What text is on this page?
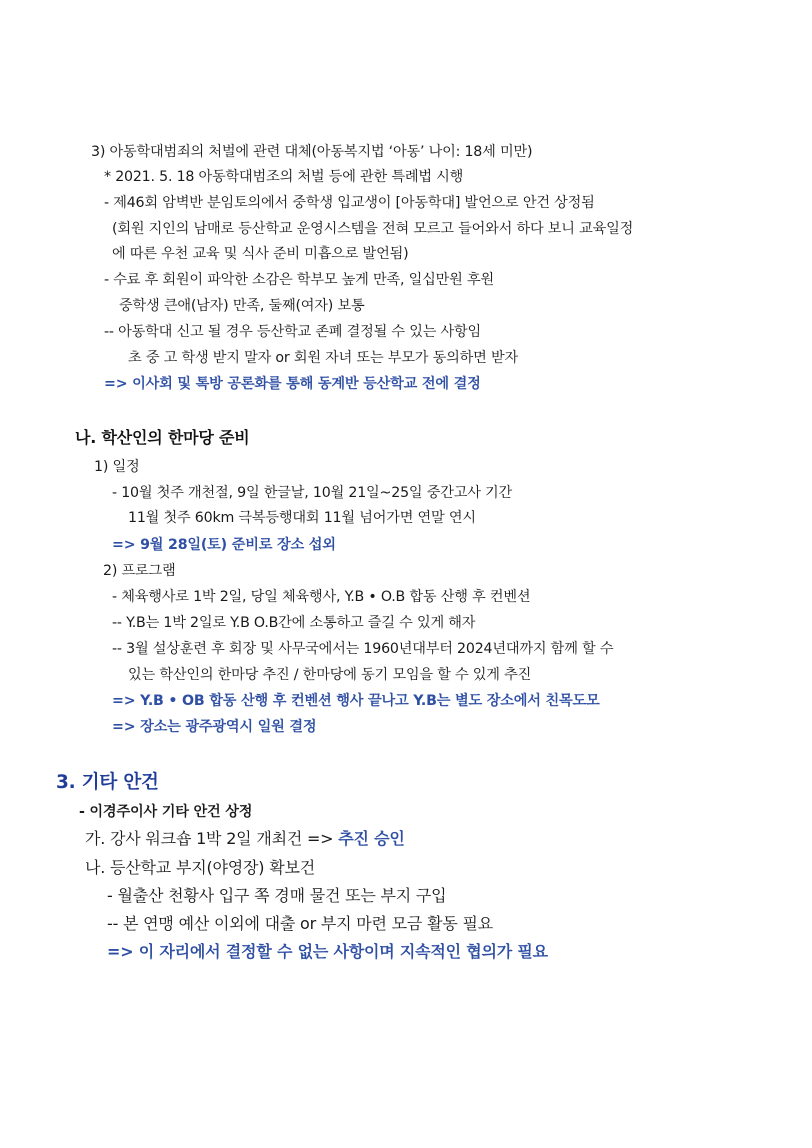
3) 아동학대범죄의 처벌에 관련 대체(아동복지법 ‘아동’ 나이: 18세 미만)
* 2021. 5. 18 아동학대범조의 처벌 등에 관한 특례법 시행
- 제46회 암벽반 분임토의에서 중학생 입교생이 [아동학대] 발언으로 안건 상정됨
(회원 지인의 남매로 등산학교 운영시스템을 전혀 모르고 들어와서 하다 보니 교육일정
에 따른 우천 교육 및 식사 준비 미흡으로 발언됨)
- 수료 후 회원이 파악한 소감은 학부모 높게 만족, 일십만원 후원
중학생 큰애(남자) 만족, 둘째(여자) 보통
-- 아동학대 신고 될 경우 등산학교 존폐 결정될 수 있는 사항임
초 중 고 학생 받지 말자 or 회원 자녀 또는 부모가 동의하면 받자
=> 이사회 및 톡방 공론화를 통해 동계반 등산학교 전에 결정
나. 학산인의 한마당 준비
1) 일정
- 10월 첫주 개천절, 9일 한글날, 10월 21일~25일 중간고사 기간
11월 첫주 60km 극복등행대회 11월 넘어가면 연말 연시
=> 9월 28일(토) 준비로 장소 섭외
2) 프로그램
- 체육행사로 1박 2일, 당일 체육행사, Y.B • O.B 합동 산행 후 컨벤션
-- Y.B는 1박 2일로 Y.B O.B간에 소통하고 즐길 수 있게 해자
-- 3월 설상훈련 후 회장 및 사무국에서는 1960년대부터 2024년대까지 함께 할 수
있는 학산인의 한마당 추진 / 한마당에 동기 모임을 할 수 있게 추진
=> Y.B • OB 합동 산행 후 컨벤션 행사 끝나고 Y.B는 별도 장소에서 친목도모
=> 장소는 광주광역시 일원 결정
3. 기타 안건
- 이경주이사 기타 안건 상정
가. 강사 워크숍 1박 2일 개최건 => 추진 승인
나. 등산학교 부지(야영장) 확보건
- 월출산 천황사 입구 쪽 경매 물건 또는 부지 구입
-- 본 연맹 예산 이외에 대출 or 부지 마련 모금 활동 필요
=> 이 자리에서 결정할 수 없는 사항이며 지속적인 협의가 필요
